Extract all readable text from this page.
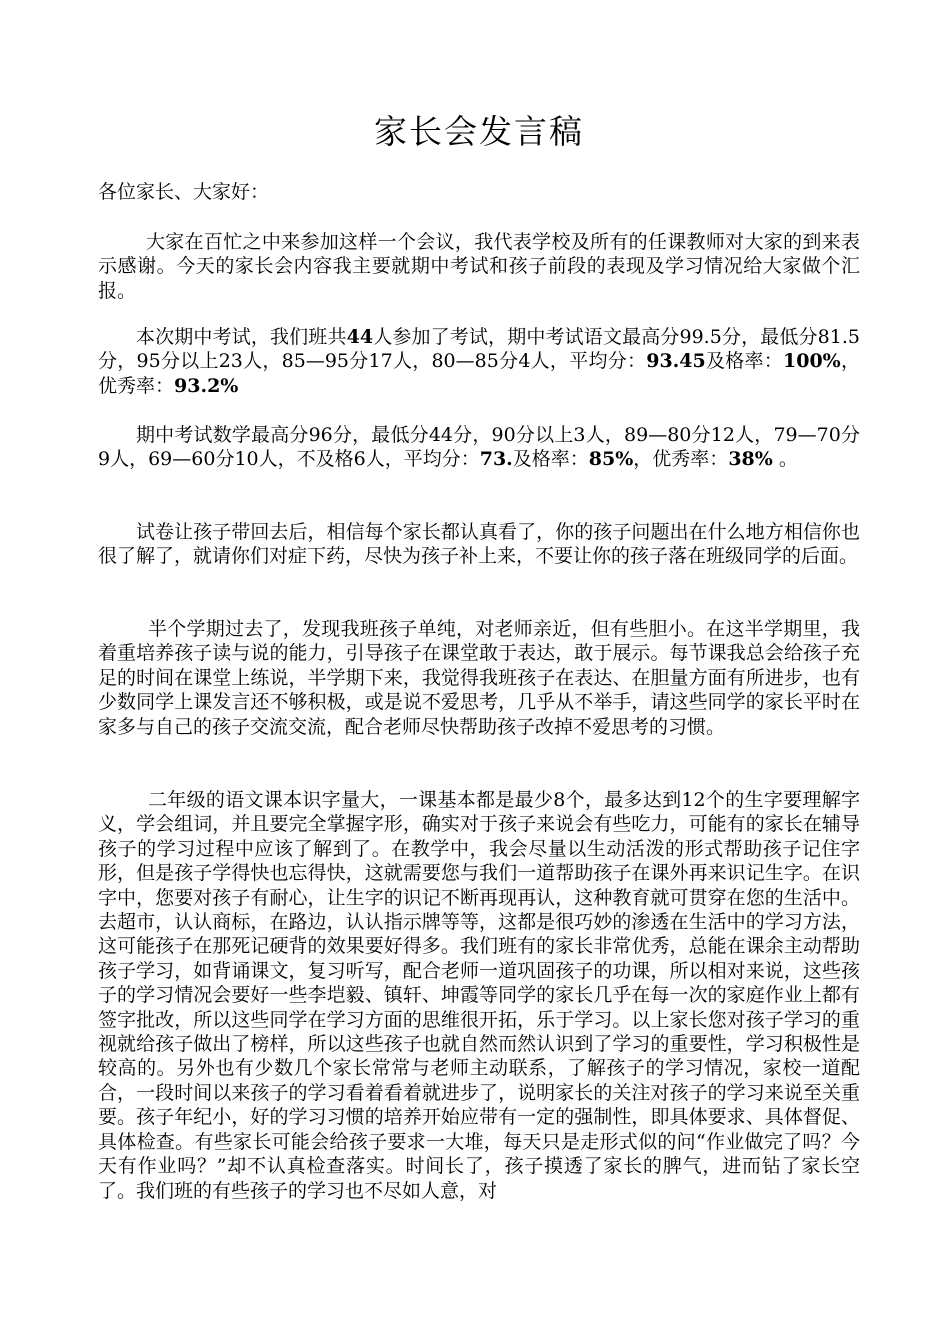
家长会发言稿
各位家长、大家好：

大家在百忙之中来参加这样一个会议，我代表学校及所有的任课教师对大家的到来表示感谢。今天的家长会内容我主要就期中考试和孩子前段的表现及学习情况给大家做个汇报。

本次期中考试，我们班共44人参加了考试，期中考试语文最高分99.5分，最低分81.5分，95分以上23人，85—95分17人，80—85分4人，平均分：93.45及格率：100%，优秀率：93.2%

期中考试数学最高分96分，最低分44分，90分以上3人，89—80分12人，79—70分9人，69—60分10人，不及格6人，平均分：73.及格率：85%，优秀率：38% 。

试卷让孩子带回去后，相信每个家长都认真看了，你的孩子问题出在什么地方相信你也很了解了，就请你们对症下药，尽快为孩子补上来，不要让你的孩子落在班级同学的后面。

半个学期过去了，发现我班孩子单纯，对老师亲近，但有些胆小。在这半学期里，我着重培养孩子读与说的能力，引导孩子在课堂敢于表达，敢于展示。每节课我总会给孩子充足的时间在课堂上练说，半学期下来，我觉得我班孩子在表达、在胆量方面有所进步，也有少数同学上课发言还不够积极，或是说不爱思考，几乎从不举手，请这些同学的家长平时在家多与自己的孩子交流交流，配合老师尽快帮助孩子改掉不爱思考的习惯。

二年级的语文课本识字量大，一课基本都是最少8个，最多达到12个的生字要理解字义，学会组词，并且要完全掌握字形，确实对于孩子来说会有些吃力，可能有的家长在辅导孩子的学习过程中应该了解到了。在教学中，我会尽量以生动活泼的形式帮助孩子记住字形，但是孩子学得快也忘得快，这就需要您与我们一道帮助孩子在课外再来识记生字。在识字中，您要对孩子有耐心，让生字的识记不断再现再认，这种教育就可贯穿在您的生活中。去超市，认认商标，在路边，认认指示牌等等，这都是很巧妙的渗透在生活中的学习方法，这可能孩子在那死记硬背的效果要好得多。我们班有的家长非常优秀，总能在课余主动帮助孩子学习，如背诵课文，复习听写，配合老师一道巩固孩子的功课，所以相对来说，这些孩子的学习情况会要好一些李垲毅、镇轩、坤霞等同学的家长几乎在每一次的家庭作业上都有签字批改，所以这些同学在学习方面的思维很开拓，乐于学习。以上家长您对孩子学习的重视就给孩子做出了榜样，所以这些孩子也就自然而然认识到了学习的重要性，学习积极性是较高的。另外也有少数几个家长常常与老师主动联系，了解孩子的学习情况，家校一道配合，一段时间以来孩子的学习看着看着就进步了，说明家长的关注对孩子的学习来说至关重要。孩子年纪小，好的学习习惯的培养开始应带有一定的强制性，即具体要求、具体督促、具体检查。有些家长可能会给孩子要求一大堆，每天只是走形式似的问“作业做完了吗？今天有作业吗？”却不认真检查落实。时间长了，孩子摸透了家长的脾气，进而钻了家长空了。我们班的有些孩子的学习也不尽如人意，对
